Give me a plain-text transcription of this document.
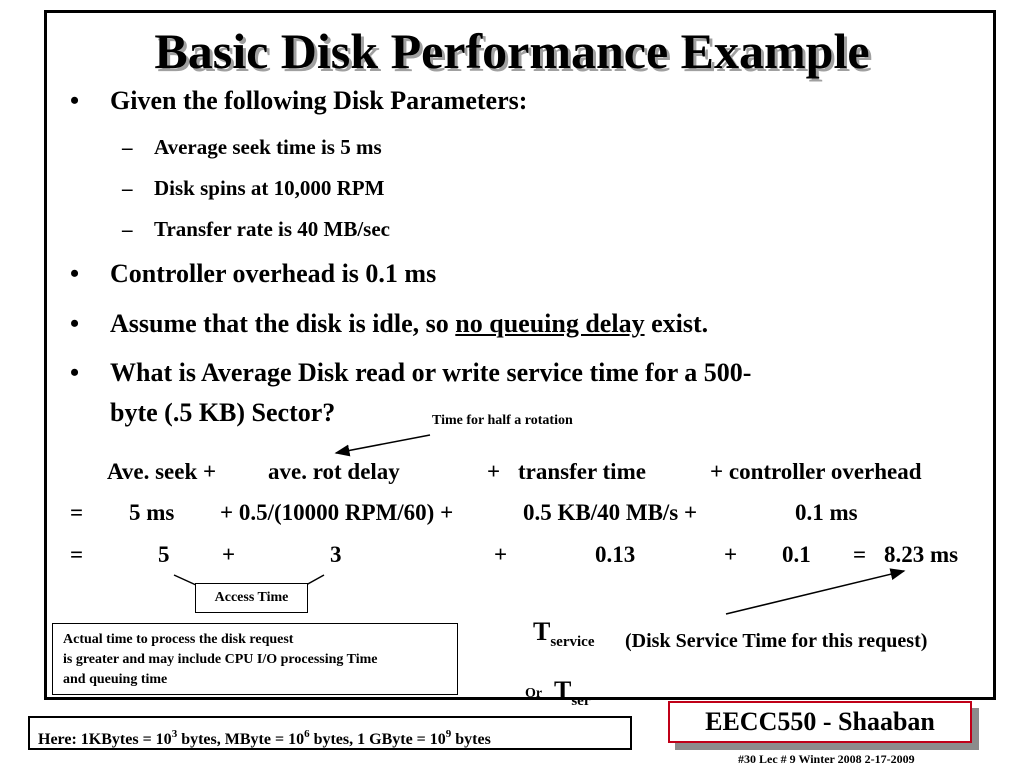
Basic Disk Performance Example
• Given the following Disk Parameters:
– Average seek time is 5 ms
– Disk spins at 10,000 RPM
– Transfer rate is 40 MB/sec
• Controller overhead is 0.1 ms
• Assume that the disk is idle, so no queuing delay exist.
• What is Average Disk read or write service time for a 500-
byte (.5 KB) Sector?	Time for half a rotation
Ave. seek + ave. rot delay	+ transfer time	+ controller overhead
= 5 ms + 0.5/(10000 RPM/60) +	0.5 KB/40 MB/s +	0.1 ms
=	5 +	3	+	0.13	+ 0.1 = 8.23 ms
Access Time
Actual time to process the disk request
is greater and may include CPU I/O processing Time
and queuing time
$T_{service}$ (Disk Service Time for this request)
Or $T_{ser}$
Here: 1KBytes = $10^3$ bytes, MByte = $10^6$ bytes, 1 GByte = $10^9$ bytes
EECC550 - Shaaban
#30 Lec # 9 Winter 2008 2-17-2009
